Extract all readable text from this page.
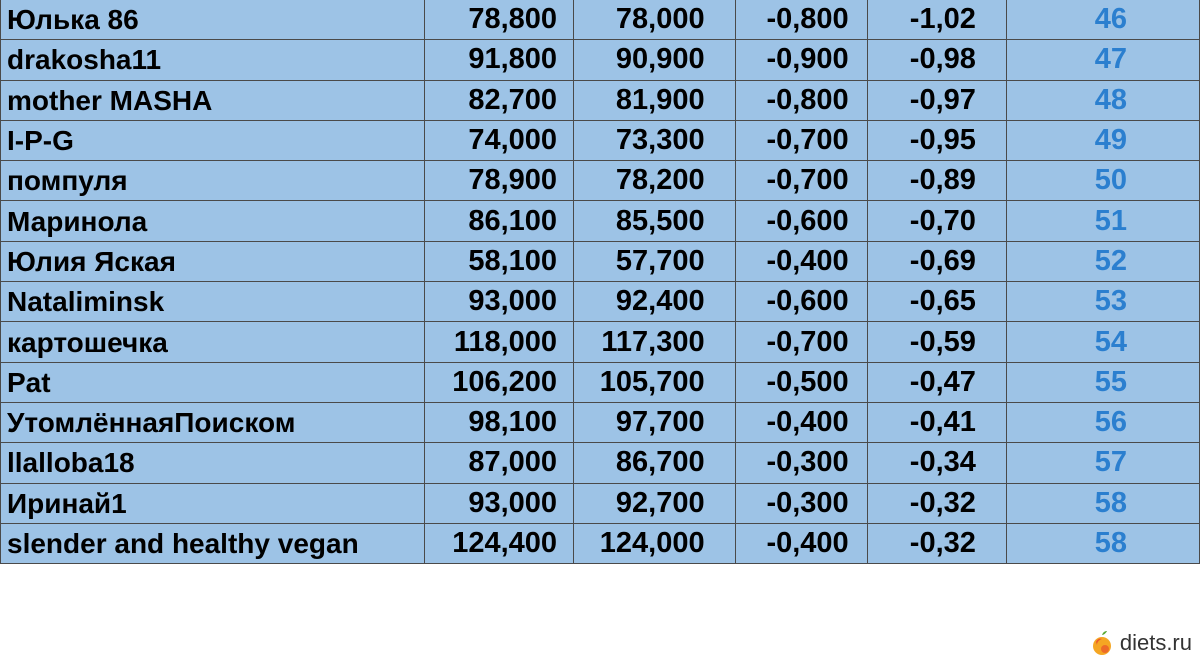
Юлька 86	78,800	78,000	-0,800	-1,02	46
drakosha11	91,800	90,900	-0,900	-0,98	47
mother MASHA	82,700	81,900	-0,800	-0,97	48
I-P-G	74,000	73,300	-0,700	-0,95	49
помпуля	78,900	78,200	-0,700	-0,89	50
Маринола	86,100	85,500	-0,600	-0,70	51
Юлия Яская	58,100	57,700	-0,400	-0,69	52
Nataliminsk	93,000	92,400	-0,600	-0,65	53
картошечка	118,000	117,300	-0,700	-0,59	54
Pat	106,200	105,700	-0,500	-0,47	55
УтомлённаяПоиском	98,100	97,700	-0,400	-0,41	56
llalloba18	87,000	86,700	-0,300	-0,34	57
Иринай1	93,000	92,700	-0,300	-0,32	58
slender and healthy vegan	124,400	124,000	-0,400	-0,32	58
diets.ru
